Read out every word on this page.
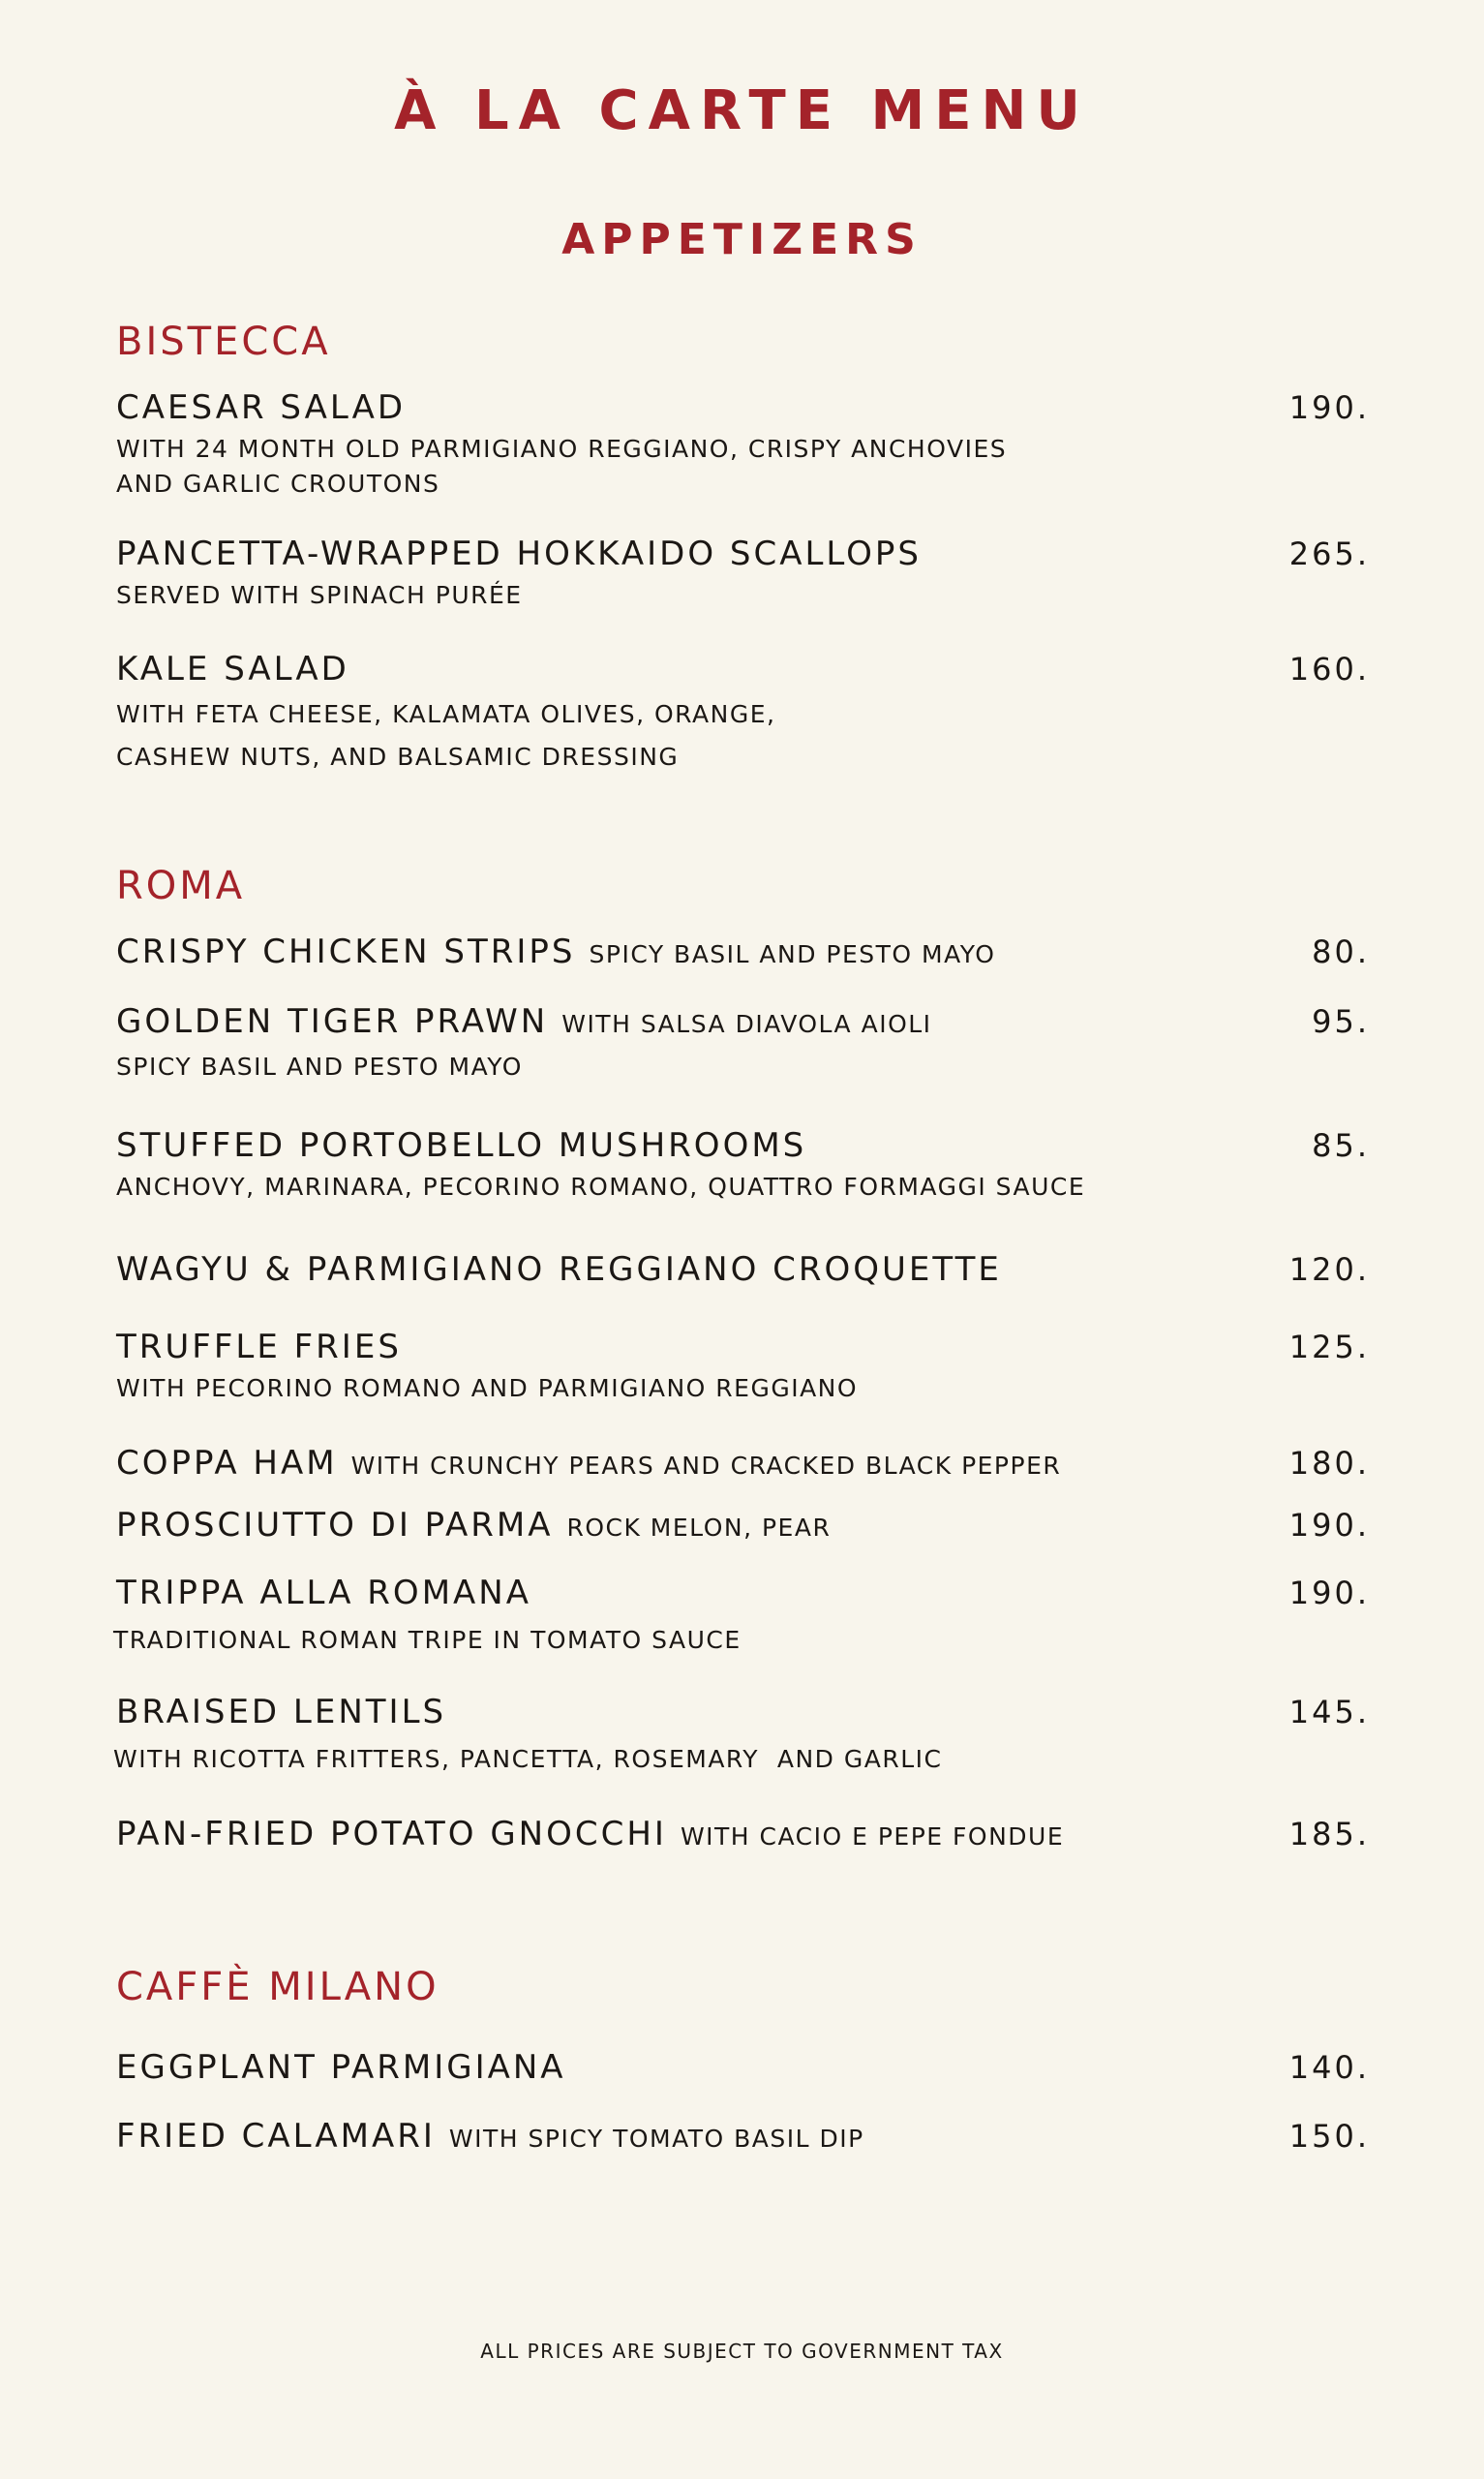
À LA CARTE MENU
APPETIZERS
BISTECCA
CAESAR SALAD	190.
WITH 24 MONTH OLD PARMIGIANO REGGIANO, CRISPY ANCHOVIES
AND GARLIC CROUTONS
PANCETTA-WRAPPED HOKKAIDO SCALLOPS	265.
SERVED WITH SPINACH PURÉE
KALE SALAD	160.
WITH FETA CHEESE, KALAMATA OLIVES, ORANGE,
CASHEW NUTS, AND BALSAMIC DRESSING
ROMA
CRISPY CHICKEN STRIPS SPICY BASIL AND PESTO MAYO	80.
GOLDEN TIGER PRAWN WITH SALSA DIAVOLA AIOLI	95.
SPICY BASIL AND PESTO MAYO
STUFFED PORTOBELLO MUSHROOMS	85.
ANCHOVY, MARINARA, PECORINO ROMANO, QUATTRO FORMAGGI SAUCE
WAGYU & PARMIGIANO REGGIANO CROQUETTE	120.
TRUFFLE FRIES	125.
WITH PECORINO ROMANO AND PARMIGIANO REGGIANO
COPPA HAM WITH CRUNCHY PEARS AND CRACKED BLACK PEPPER	180.
PROSCIUTTO DI PARMA ROCK MELON, PEAR	190.
TRIPPA ALLA ROMANA	190.
TRADITIONAL ROMAN TRIPE IN TOMATO SAUCE
BRAISED LENTILS	145.
WITH RICOTTA FRITTERS, PANCETTA, ROSEMARY  AND GARLIC
PAN-FRIED POTATO GNOCCHI WITH CACIO E PEPE FONDUE	185.
CAFFÈ MILANO
EGGPLANT PARMIGIANA	140.
FRIED CALAMARI WITH SPICY TOMATO BASIL DIP	150.
ALL PRICES ARE SUBJECT TO GOVERNMENT TAX
